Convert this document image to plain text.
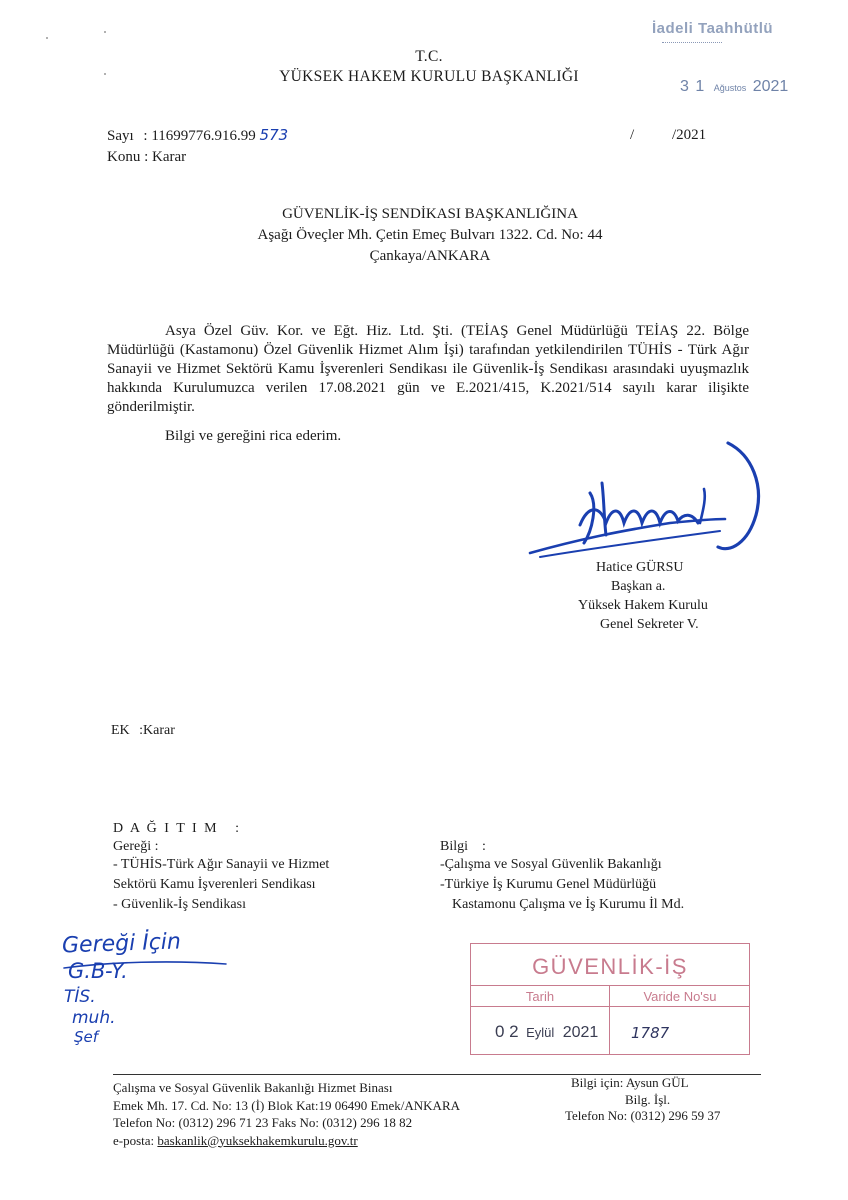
İadeli Taahhütlü
3 1 Ağustos 2021
T.C.
YÜKSEK HAKEM KURULU BAŞKANLIĞI
Sayı : 11699776.916.99 573	/	/2021
Konu : Karar
GÜVENLİK-İŞ SENDİKASI BAŞKANLIĞINA
Aşağı Öveçler Mh. Çetin Emeç Bulvarı 1322. Cd. No: 44
Çankaya/ANKARA
Asya Özel Güv. Kor. ve Eğt. Hiz. Ltd. Şti. (TEİAŞ Genel Müdürlüğü TEİAŞ 22. Bölge Müdürlüğü (Kastamonu) Özel Güvenlik Hizmet Alım İşi) tarafından yetkilendirilen TÜHİS - Türk Ağır Sanayii ve Hizmet Sektörü Kamu İşverenleri Sendikası ile Güvenlik-İş Sendikası arasındaki uyuşmazlık hakkında Kurulumuzca verilen 17.08.2021 gün ve E.2021/415, K.2021/514 sayılı karar ilişikte gönderilmiştir.
Bilgi ve gereğini rica ederim.
Hatice GÜRSU
Başkan a.
Yüksek Hakem Kurulu
Genel Sekreter V.
EK :Karar
D A Ğ I T I M   :
Gereği :
- TÜHİS-Türk Ağır Sanayii ve Hizmet
Sektörü Kamu İşverenleri Sendikası
- Güvenlik-İş Sendikası
Bilgi    :
-Çalışma ve Sosyal Güvenlik Bakanlığı
-Türkiye İş Kurumu Genel Müdürlüğü
Kastamonu Çalışma ve İş Kurumu İl Md.
Gereği İçin
G.B-Y.
TİS.
muh.
Şef
GÜVENLİK-İŞ
Tarih	Varide No'su
0 2 Eylül 2021 1787
Çalışma ve Sosyal Güvenlik Bakanlığı Hizmet Binası
Emek Mh. 17. Cd. No: 13 (İ) Blok Kat:19 06490 Emek/ANKARA
Telefon No: (0312) 296 71 23 Faks No: (0312) 296 18 82
e-posta: baskanlik@yuksekhakemkurulu.gov.tr
Bilgi için: Aysun GÜL
Bilg. İşl.
Telefon No: (0312) 296 59 37
